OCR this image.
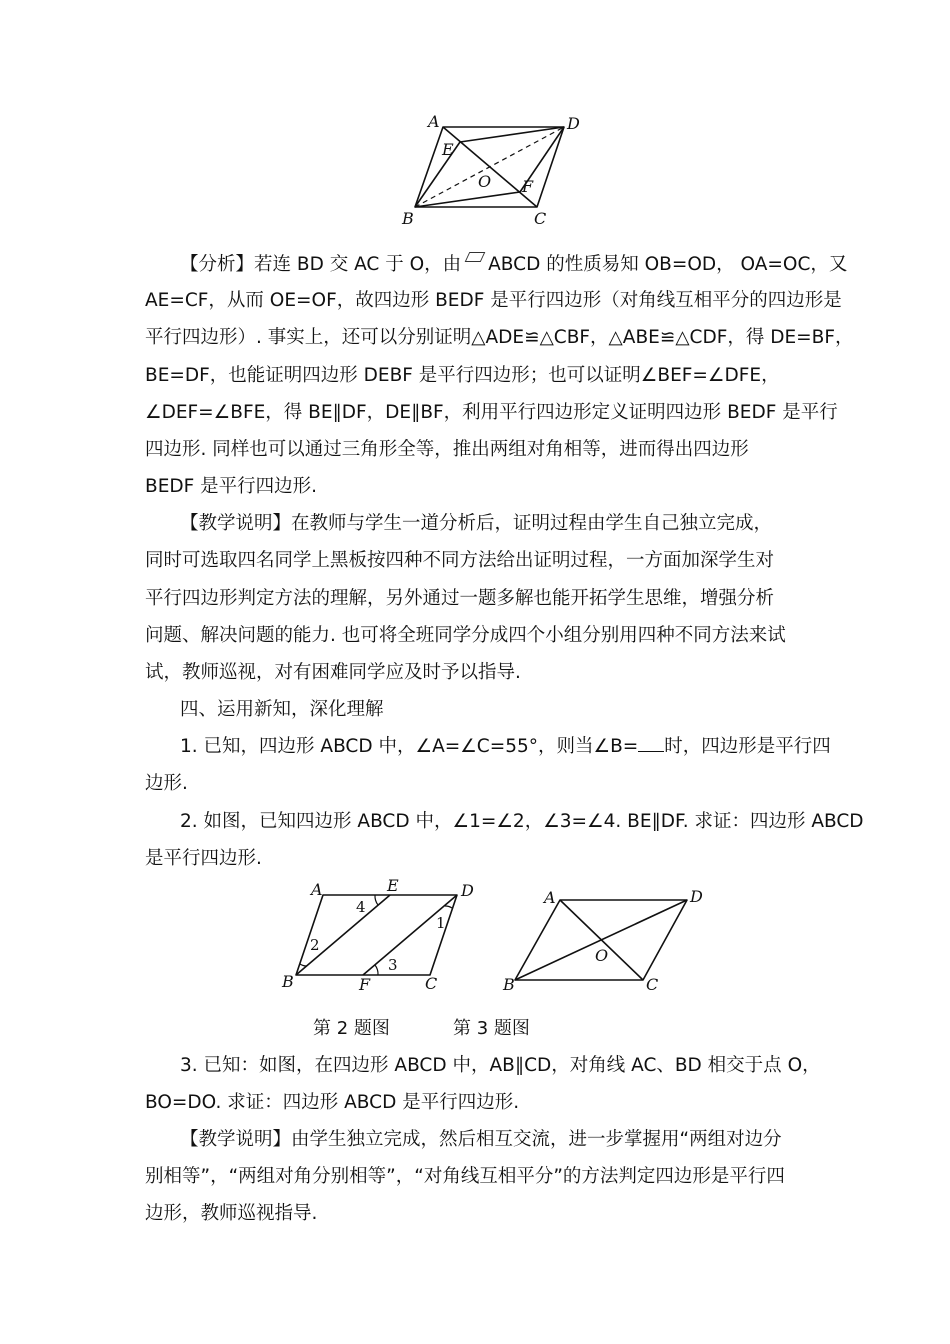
A	D
E
O F
B	C
【分析】若连 BD 交 AC 于 O，由 ABCD 的性质易知 OB=OD， OA=OC，又
AE=CF，从而 OE=OF，故四边形 BEDF 是平行四边形（对角线互相平分的四边形是
平行四边形）. 事实上，还可以分别证明△ADE≌△CBF，△ABE≌△CDF，得 DE=BF，
BE=DF，也能证明四边形 DEBF 是平行四边形；也可以证明∠BEF=∠DFE，
∠DEF=∠BFE，得 BE∥DF，DE∥BF，利用平行四边形定义证明四边形 BEDF 是平行
四边形. 同样也可以通过三角形全等，推出两组对角相等，进而得出四边形
BEDF 是平行四边形.
【教学说明】在教师与学生一道分析后，证明过程由学生自己独立完成，
同时可选取四名同学上黑板按四种不同方法给出证明过程，一方面加深学生对
平行四边形判定方法的理解，另外通过一题多解也能开拓学生思维，增强分析
问题、解决问题的能力. 也可将全班同学分成四个小组分别用四种不同方法来试
试，教师巡视，对有困难同学应及时予以指导.
四、运用新知，深化理解
1. 已知，四边形 ABCD 中，∠A=∠C=55°，则当∠B= 时，四边形是平行四
边形.
2. 如图，已知四边形 ABCD 中，∠1=∠2，∠3=∠4. BE∥DF. 求证：四边形 ABCD
是平行四边形.
A	E	D
B	F	C
1
2
3
4	A	D
O
B	C
第 2 题图	第 3 题图
3. 已知：如图，在四边形 ABCD 中，AB∥CD，对角线 AC、BD 相交于点 O，
BO=DO. 求证：四边形 ABCD 是平行四边形.
【教学说明】由学生独立完成，然后相互交流，进一步掌握用“两组对边分
别相等”，“两组对角分别相等”，“对角线互相平分”的方法判定四边形是平行四
边形，教师巡视指导.
